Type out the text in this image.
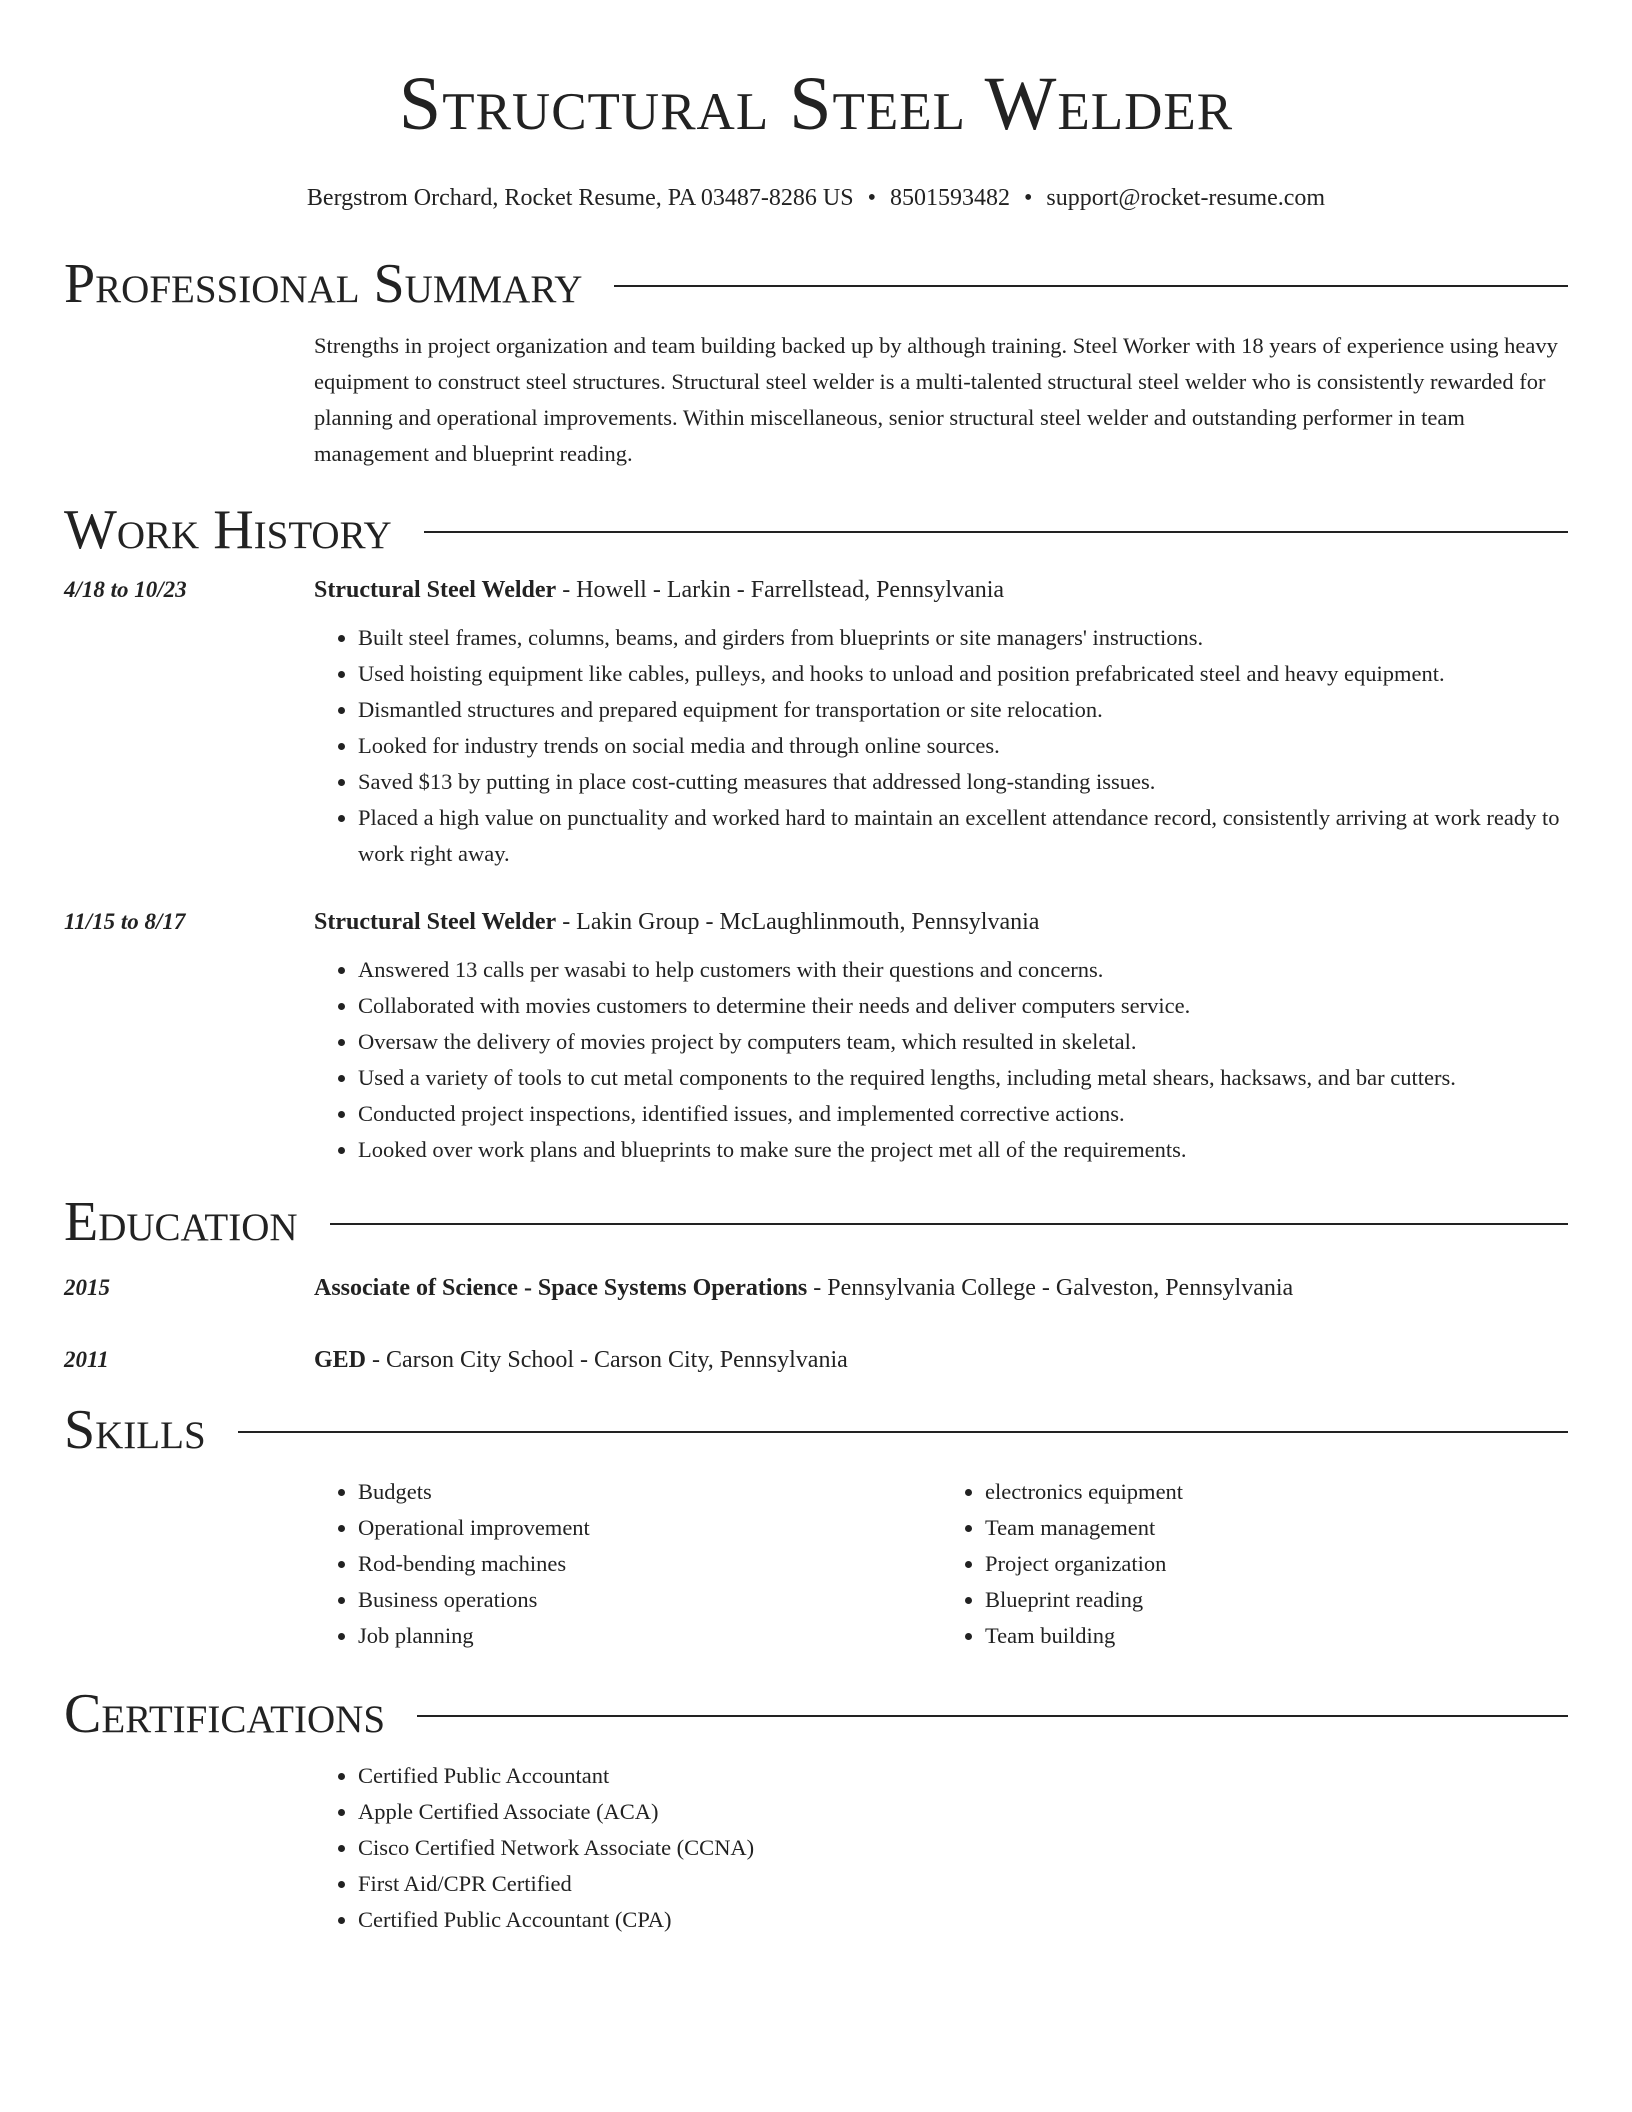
Structural Steel Welder
Bergstrom Orchard, Rocket Resume, PA 03487-8286 US • 8501593482 • support@rocket-resume.com
Professional Summary
Strengths in project organization and team building backed up by although training. Steel Worker with 18 years of experience using heavy equipment to construct steel structures. Structural steel welder is a multi-talented structural steel welder who is consistently rewarded for planning and operational improvements. Within miscellaneous, senior structural steel welder and outstanding performer in team management and blueprint reading.
Work History
4/18 to 10/23	Structural Steel Welder - Howell - Larkin - Farrellstead, Pennsylvania
• Built steel frames, columns, beams, and girders from blueprints or site managers' instructions.
• Used hoisting equipment like cables, pulleys, and hooks to unload and position prefabricated steel and heavy equipment.
• Dismantled structures and prepared equipment for transportation or site relocation.
• Looked for industry trends on social media and through online sources.
• Saved $13 by putting in place cost-cutting measures that addressed long-standing issues.
• Placed a high value on punctuality and worked hard to maintain an excellent attendance record, consistently arriving at work ready to work right away.
11/15 to 8/17	Structural Steel Welder - Lakin Group - McLaughlinmouth, Pennsylvania
• Answered 13 calls per wasabi to help customers with their questions and concerns.
• Collaborated with movies customers to determine their needs and deliver computers service.
• Oversaw the delivery of movies project by computers team, which resulted in skeletal.
• Used a variety of tools to cut metal components to the required lengths, including metal shears, hacksaws, and bar cutters.
• Conducted project inspections, identified issues, and implemented corrective actions.
• Looked over work plans and blueprints to make sure the project met all of the requirements.
Education
2015	Associate of Science - Space Systems Operations - Pennsylvania College - Galveston, Pennsylvania
2011	GED - Carson City School - Carson City, Pennsylvania
Skills
• Budgets
• Operational improvement
• Rod-bending machines
• Business operations
• Job planning
• electronics equipment
• Team management
• Project organization
• Blueprint reading
• Team building
Certifications
• Certified Public Accountant
• Apple Certified Associate (ACA)
• Cisco Certified Network Associate (CCNA)
• First Aid/CPR Certified
• Certified Public Accountant (CPA)
